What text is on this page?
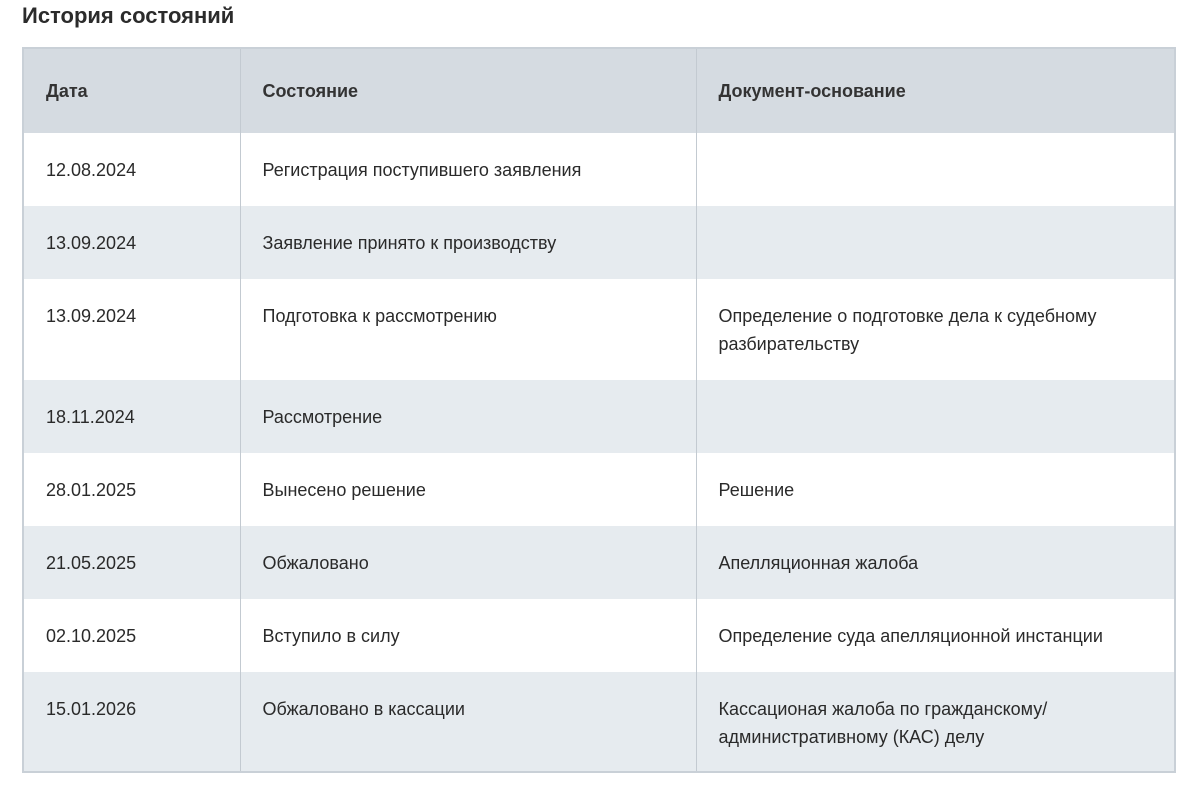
История состояний
Дата	Состояние	Документ-основание
12.08.2024	Регистрация поступившего заявления	
13.09.2024	Заявление принято к производству	
13.09.2024	Подготовка к рассмотрению	Определение о подготовке дела к судебному разбирательству
18.11.2024	Рассмотрение	
28.01.2025	Вынесено решение	Решение
21.05.2025	Обжаловано	Апелляционная жалоба
02.10.2025	Вступило в силу	Определение суда апелляционной инстанции
15.01.2026	Обжаловано в кассации	Кассационая жалоба по гражданскому/ административному (КАС) делу
